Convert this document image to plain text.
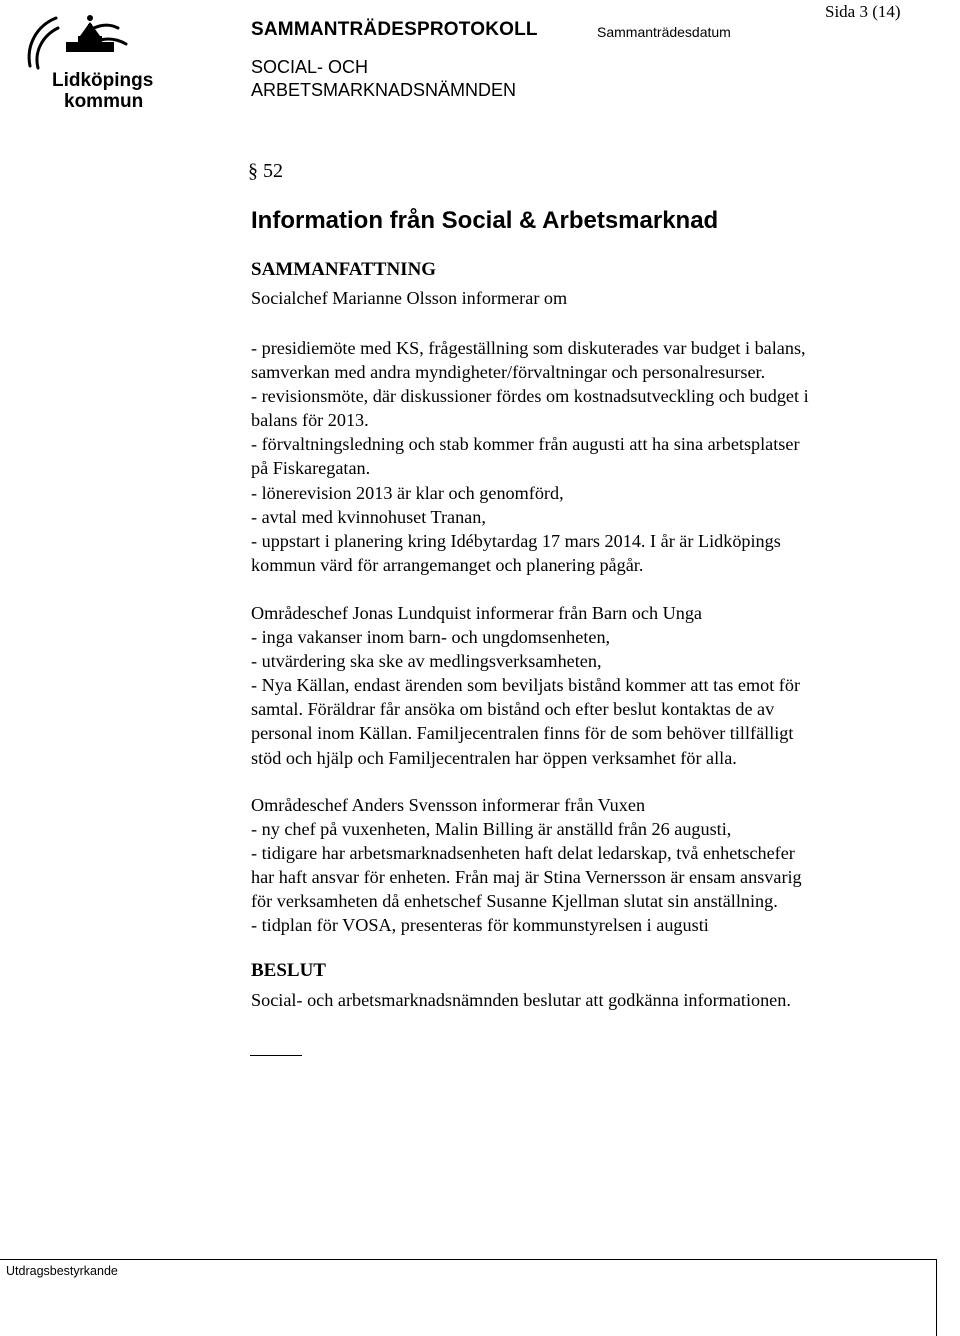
Lidköpings
kommun
SAMMANTRÄDESPROTOKOLL	Sammanträdesdatum
Sida 3 (14)
SOCIAL- OCH
ARBETSMARKNADSNÄMNDEN
§ 52
Information från Social & Arbetsmarknad
SAMMANFATTNING
Socialchef Marianne Olsson informerar om
- presidiemöte med KS, frågeställning som diskuterades var budget i balans,
samverkan med andra myndigheter/förvaltningar och personalresurser.
- revisionsmöte, där diskussioner fördes om kostnadsutveckling och budget i
balans för 2013.
- förvaltningsledning och stab kommer från augusti att ha sina arbetsplatser
på Fiskaregatan.
- lönerevision 2013 är klar och genomförd,
- avtal med kvinnohuset Tranan,
- uppstart i planering kring Idébytardag 17 mars 2014. I år är Lidköpings
kommun värd för arrangemanget och planering pågår.
Områdeschef Jonas Lundquist informerar från Barn och Unga
- inga vakanser inom barn- och ungdomsenheten,
- utvärdering ska ske av medlingsverksamheten,
- Nya Källan, endast ärenden som beviljats bistånd kommer att tas emot för
samtal. Föräldrar får ansöka om bistånd och efter beslut kontaktas de av
personal inom Källan. Familjecentralen finns för de som behöver tillfälligt
stöd och hjälp och Familjecentralen har öppen verksamhet för alla.
Områdeschef Anders Svensson informerar från Vuxen
- ny chef på vuxenheten, Malin Billing är anställd från 26 augusti,
- tidigare har arbetsmarknadsenheten haft delat ledarskap, två enhetschefer
har haft ansvar för enheten. Från maj är Stina Vernersson är ensam ansvarig
för verksamheten då enhetschef Susanne Kjellman slutat sin anställning.
- tidplan för VOSA, presenteras för kommunstyrelsen i augusti
BESLUT
Social- och arbetsmarknadsnämnden beslutar att godkänna informationen.
Utdragsbestyrkande
